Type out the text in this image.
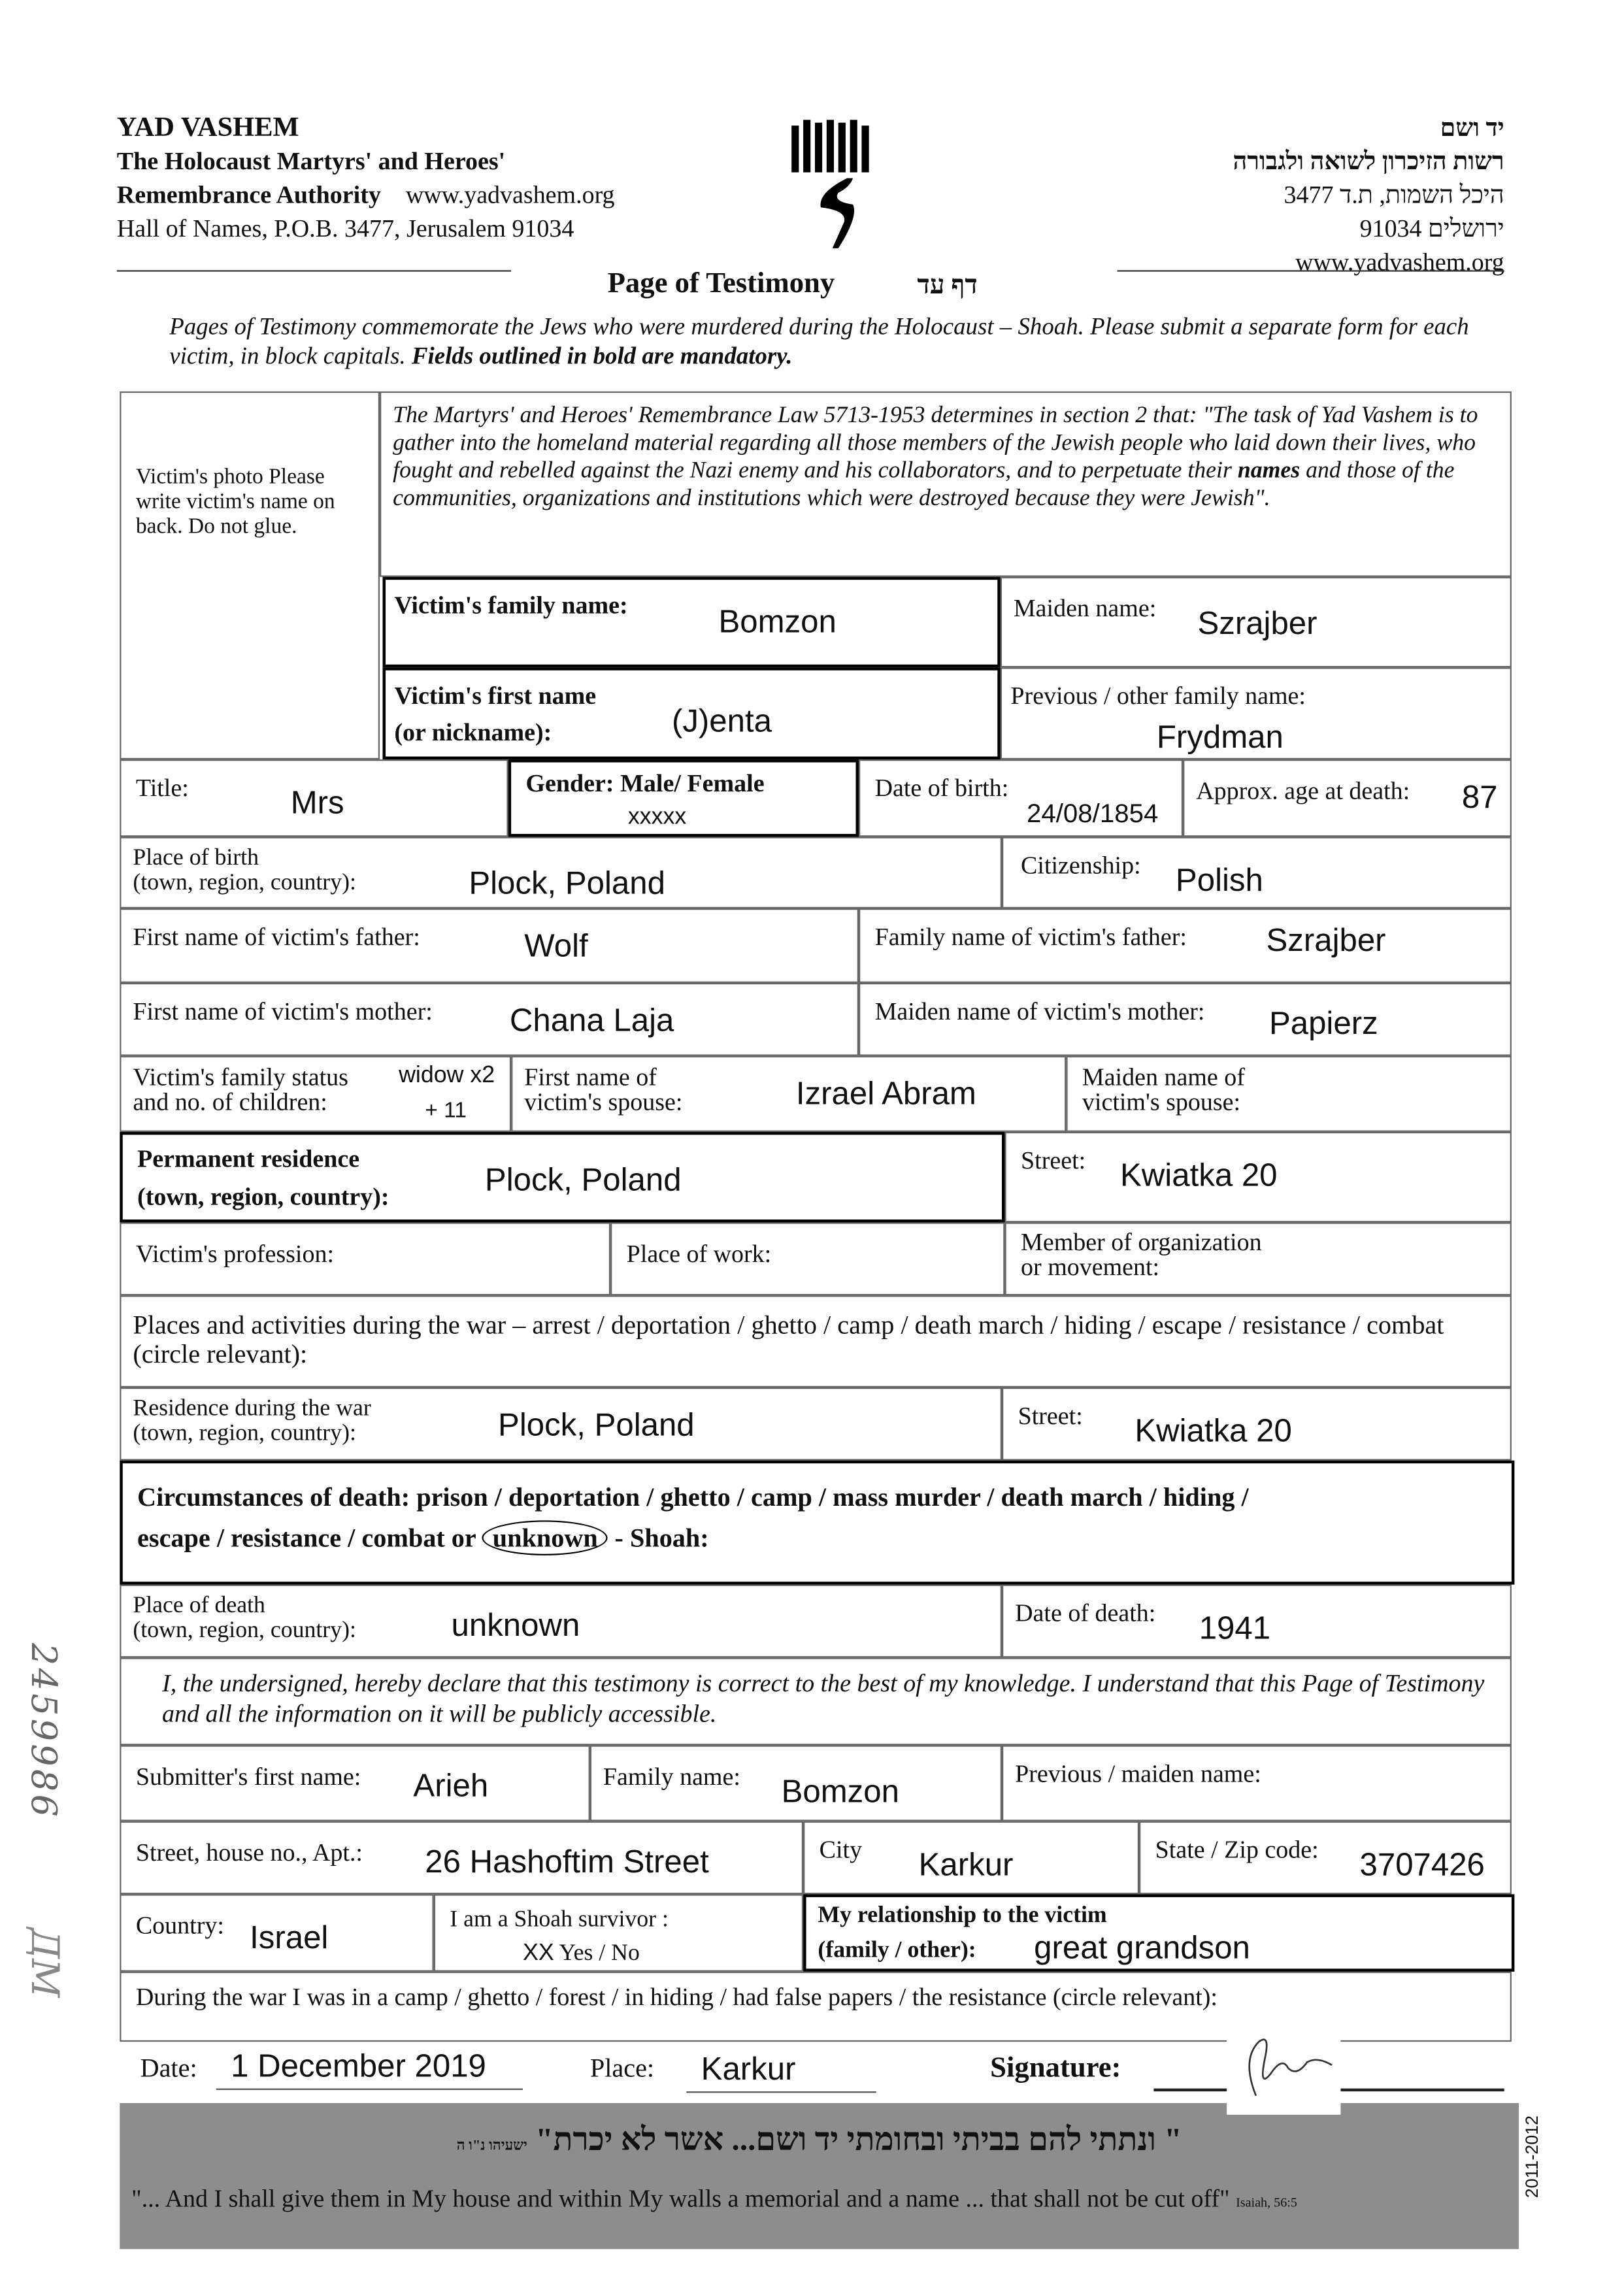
YAD VASHEM
The Holocaust Martyrs' and Heroes'
Remembrance Authority www.yadvashem.org
Hall of Names, P.O.B. 3477, Jerusalem 91034
יד ושם
רשות הזיכרון לשואה ולגבורה
היכל השמות, ת.ד 3477
ירושלים 91034
www.yadvashem.org
Page of Testimony	דף עד
Pages of Testimony commemorate the Jews who were murdered during the Holocaust – Shoah. Please submit a separate form for each victim, in block capitals. Fields outlined in bold are mandatory.
Victim's photo Please write victim's name on back. Do not glue.
The Martyrs' and Heroes' Remembrance Law 5713-1953 determines in section 2 that: "The task of Yad Vashem is to gather into the homeland material regarding all those members of the Jewish people who laid down their lives, who fought and rebelled against the Nazi enemy and his collaborators, and to perpetuate their names and those of the communities, organizations and institutions which were destroyed because they were Jewish".
Victim's family name:	Bomzon	Maiden name:	Szrajber
Victim's first name
(or nickname):	(J)enta
Previous / other family name:
Frydman
Title:	Mrs
Gender: Male/ Female
xxxxx
Date of birth:
24/08/1854
Approx. age at death:	87
Place of birth
(town, region, country):	Plock, Poland	Citizenship: Polish
First name of victim's father:	Wolf	Family name of victim's father:	Szrajber
First name of victim's mother:	Chana Laja	Maiden name of victim's mother:	Papierz
Victim's family status
and no. of children:
widow x2
+ 11
First name of
victim's spouse:	Izrael Abram	Maiden name of
victim's spouse:
Permanent residence
(town, region, country):	Plock, Poland
Street: Kwiatka 20
Victim's profession:	Place of work:	Member of organization
or movement:
Places and activities during the war – arrest / deportation / ghetto / camp / death march / hiding / escape / resistance / combat (circle relevant):
Residence during the war
(town, region, country):	Plock, Poland	Street:	Kwiatka 20
Circumstances of death: prison / deportation / ghetto / camp / mass murder / death march / hiding /
escape / resistance / combat or unknown - Shoah:
Place of death
(town, region, country):	unknown	Date of death:	1941
I, the undersigned, hereby declare that this testimony is correct to the best of my knowledge. I understand that this Page of Testimony and all the information on it will be publicly accessible.
Submitter's first name:	Arieh	Family name:	Bomzon	Previous / maiden name:
Street, house no., Apt.:	26 Hashoftim Street	City	Karkur	State / Zip code:	3707426
Country: Israel	I am a Shoah survivor :
XX Yes / No
My relationship to the victim
(family / other):	great grandson
During the war I was in a camp / ghetto / forest / in hiding / had false papers / the resistance (circle relevant):
Date: 1 December 2019	Place:	Karkur	Signature:
" ונתתי להם בביתי ובחומתי יד ושם... אשר לא יכרת" ישעיהו נ"ו ה
"... And I shall give them in My house and within My walls a memorial and a name ... that shall not be cut off" Isaiah, 56:5
2011-2012
2459986
ДМ
